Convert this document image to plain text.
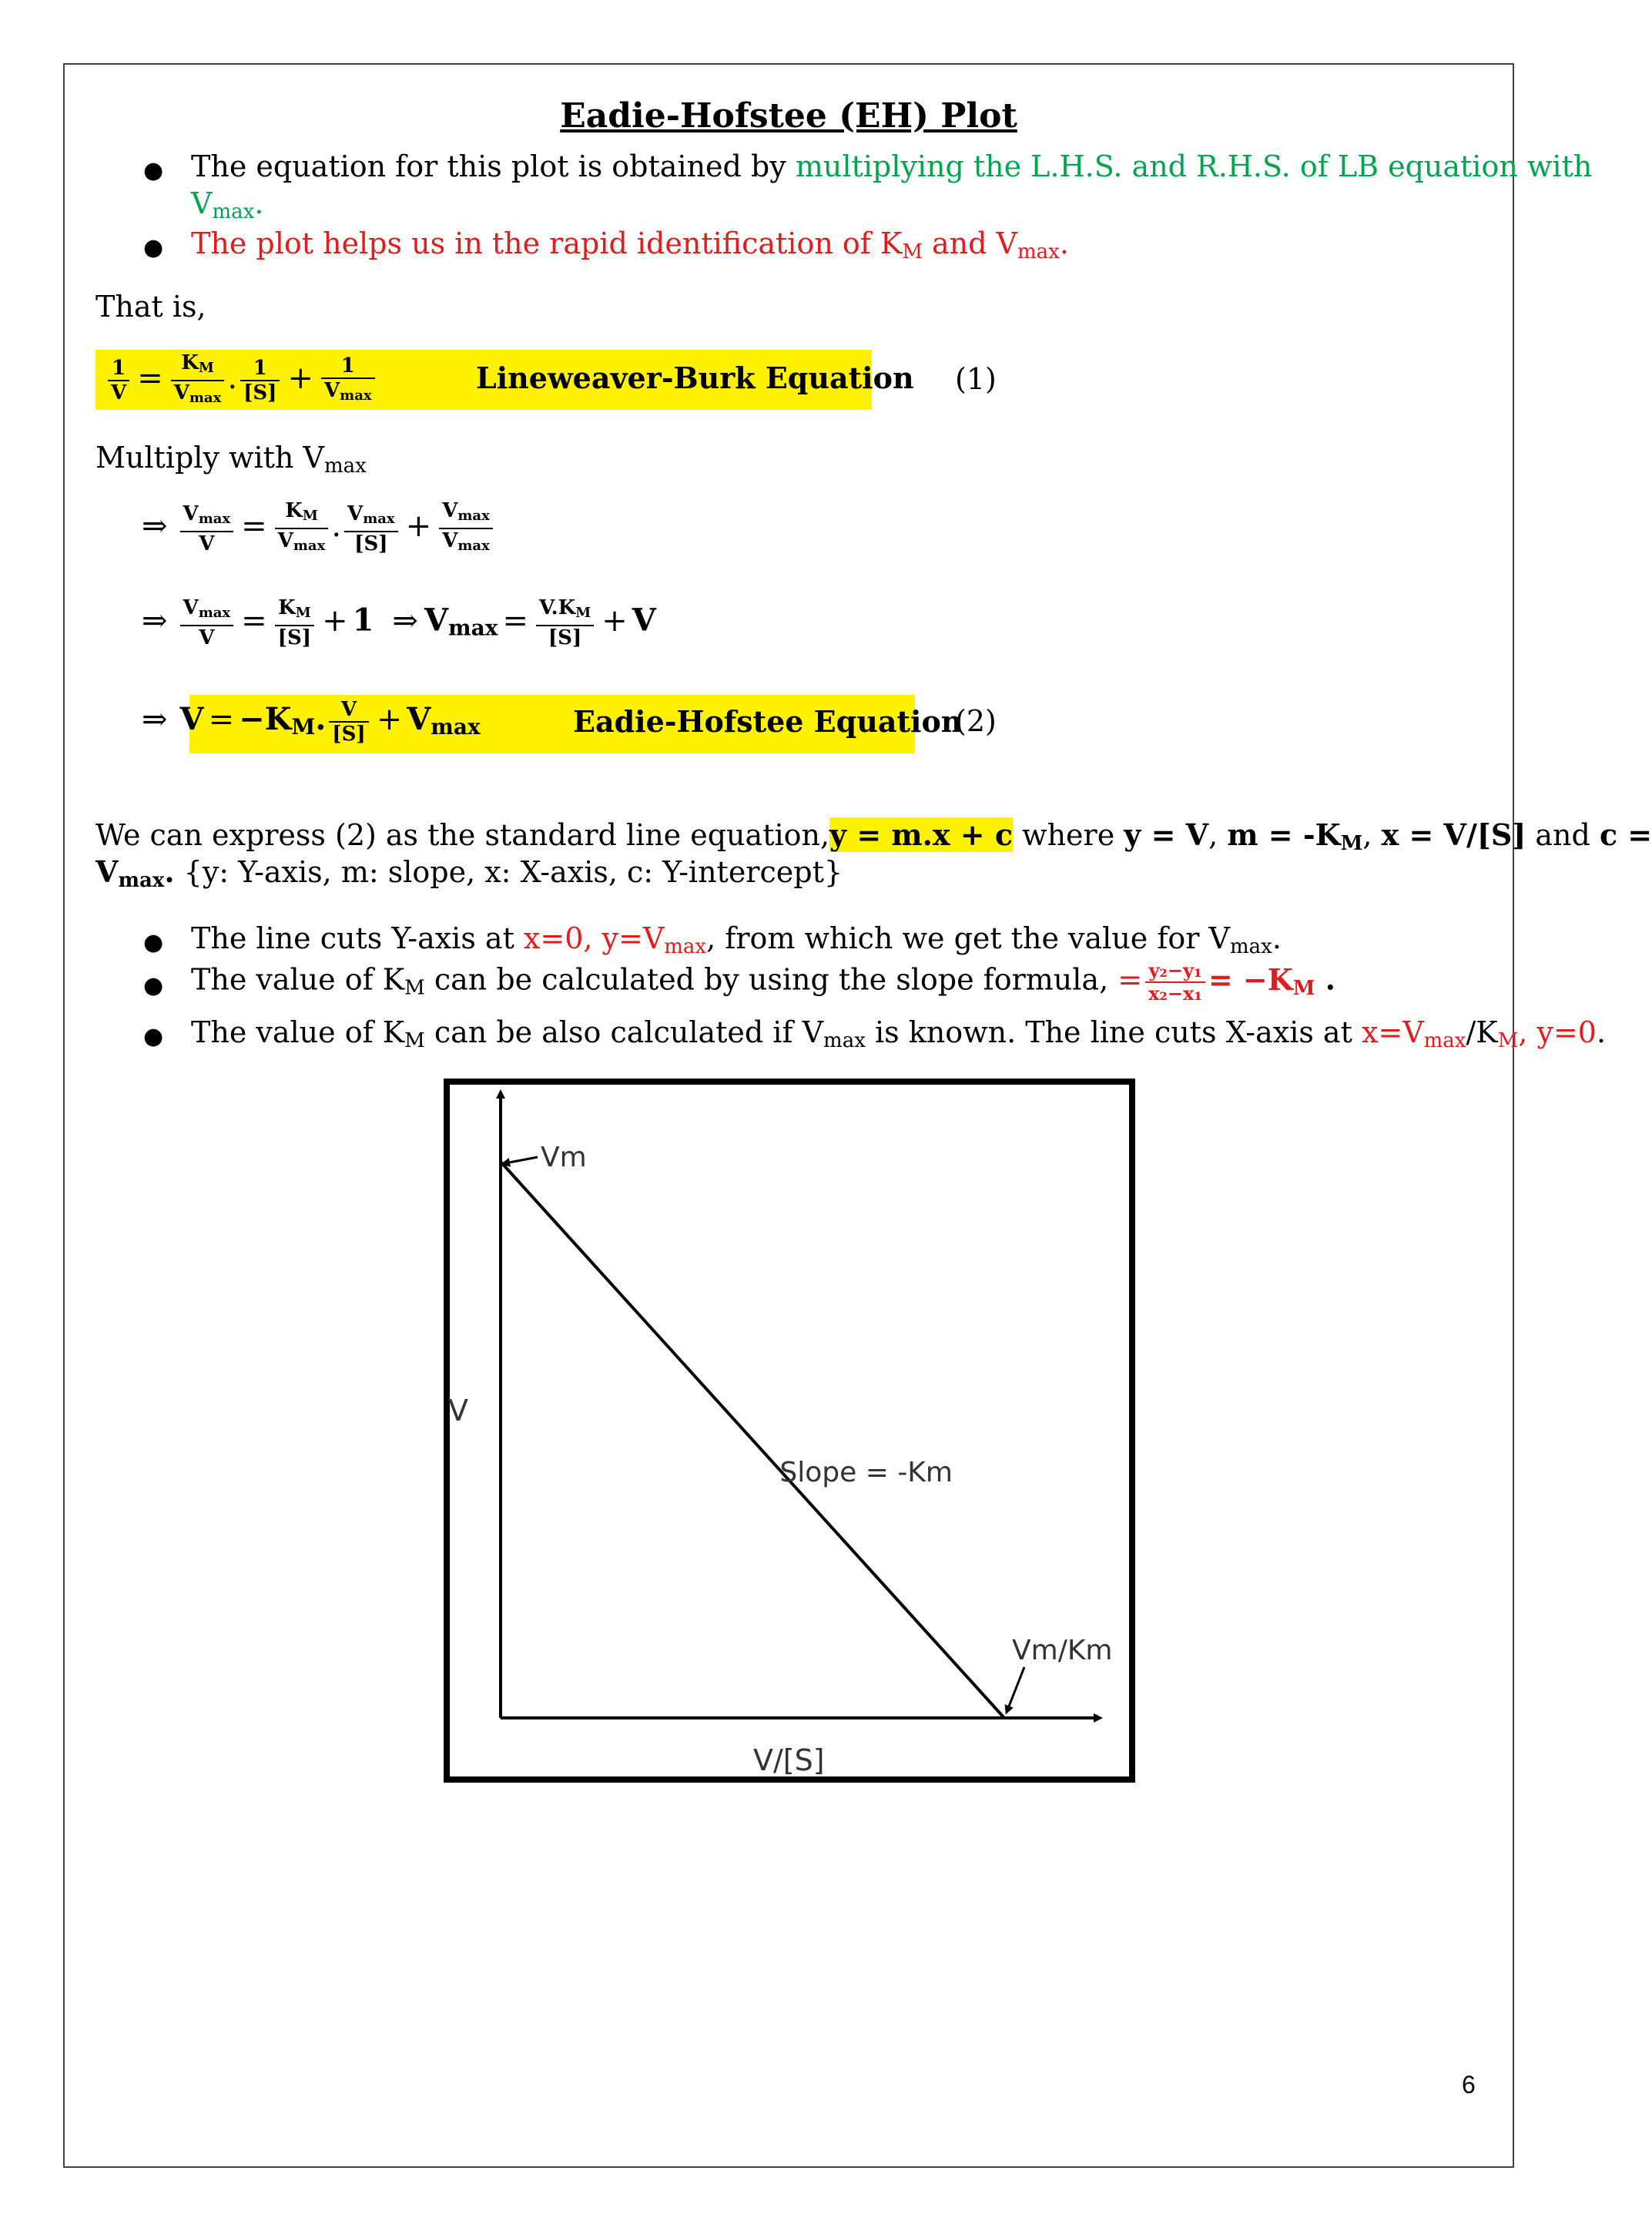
Eadie-Hofstee (EH) Plot
● The equation for this plot is obtained by multiplying the L.H.S. and R.H.S. of LB equation with
$V_{max}$.
● The plot helps us in the rapid identification of $K_M$ and $V_{max}$.
That is,
$\frac{1}{V} = \frac{K_M}{V_{max}}$ . $\frac{1}{[S]} + \frac{1}{V_{max}}$	Lineweaver-Burk Equation (1)
Multiply with $V_{max}$
⇒ $\frac{V_{max}}{V} = \frac{K_M}{V_{max}}$ . $\frac{V_{max}}{[S]} + \frac{V_{max}}{V_{max}}$
⇒ $\frac{V_{max}}{V} = \frac{K_M}{[S]} + 1$ ⇒ $V_{max} = \frac{V.K_M}{[S]} + V$
⇒ $V = -K_M$. $\frac{V}{[S]} + V_{max}$	Eadie-Hofstee Equation
(2)
We can express (2) as the standard line equation,y = m.x + c where y = V, $m = -K_M$, x = V/[S] and c =
$V_{max}$. {y: Y-axis, m: slope, x: X-axis, c: Y-intercept}
● The line cuts Y-axis at x=0, $y=V_{max}$, from which we get the value for $V_{max}$.
● The value of $K_M$ can be calculated by using the slope formula, = $\frac{\text{y₂−y₁}}{\text{x₂−x₁}} = -K_M$ .
● The value of $K_M$ can be also calculated if $V_{max}$ is known. The line cuts X-axis at $x=V_{max}/K_M$, y=0.
V
V/[S]
Vm
Slope = -Km
Vm/Km
6
